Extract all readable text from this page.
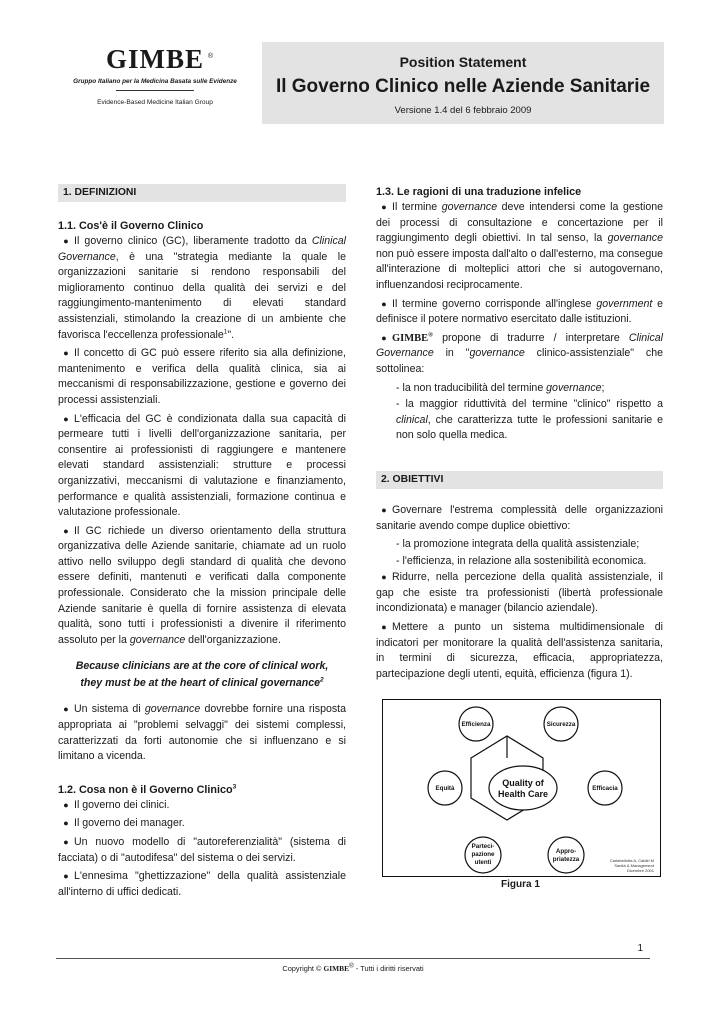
GIMBE ®
Gruppo Italiano per la Medicina Basata sulle Evidenze
Evidence-Based Medicine Italian Group
Position Statement
Il Governo Clinico nelle Aziende Sanitarie
Versione 1.4 del 6 febbraio 2009
1. DEFINIZIONI
1.1. Cos'è il Governo Clinico

● Il governo clinico (GC), liberamente tradotto da Clinical Governance, è una "strategia mediante la quale le organizzazioni sanitarie si rendono responsabili del miglioramento continuo della qualità dei servizi e del raggiungimento-mantenimento di elevati standard assistenziali, stimolando la creazione di un ambiente che favorisca l'eccellenza professionale$^1$".

● Il concetto di GC può essere riferito sia alla definizione, mantenimento e verifica della qualità clinica, sia ai meccanismi di responsabilizzazione, gestione e governo dei processi assistenziali.

● L'efficacia del GC è condizionata dalla sua capacità di permeare tutti i livelli dell'organizzazione sanitaria, per consentire ai professionisti di raggiungere e mantenere elevati standard assistenziali: strutture e processi organizzativi, meccanismi di valutazione e finanziamento, performance e qualità assistenziali, formazione continua e valutazione professionale.

● Il GC richiede un diverso orientamento della struttura organizzativa delle Aziende sanitarie, chiamate ad un ruolo attivo nello sviluppo degli standard di qualità che devono essere definiti, mantenuti e verificati dalla componente professionale. Considerato che la mission principale delle Aziende sanitarie è quella di fornire assistenza di elevata qualità, sono tutti i professionisti a divenire il riferimento assoluto per la governance dell'organizzazione.

Because clinicians are at the core of clinical work,
they must be at the heart of clinical governance$^2$

● Un sistema di governance dovrebbe fornire una risposta appropriata ai "problemi selvaggi" dei sistemi complessi, caratterizzati da forti autonomie che si influenzano e si limitano a vicenda.

1.2. Cosa non è il Governo Clinico$^3$

● Il governo dei clinici.

● Il governo dei manager.

● Un nuovo modello di "autoreferenzialità" (sistema di facciata) o di "autodifesa" del sistema o dei servizi.

● L'ennesima "ghettizzazione" della qualità assistenziale all'interno di uffici dedicati.

1.3. Le ragioni di una traduzione infelice

● Il termine governance deve intendersi come la gestione dei processi di consultazione e concertazione per il raggiungimento degli obiettivi. In tal senso, la governance non può essere imposta dall'alto o dall'esterno, ma consegue all'interazione di molteplici attori che si autogovernano, influenzandosi reciprocamente.

● Il termine governo corrisponde all'inglese government e definisce il potere normativo esercitato dalle istituzioni.

● GIMBE® propone di tradurre / interpretare Clinical Governance in "governance clinico-assistenziale" che sottolinea:

- la non traducibilità del termine governance;

- la maggior riduttività del termine "clinico" rispetto a clinical, che caratterizza tutte le professioni sanitarie e non solo quella medica.

2. OBIETTIVI

● Governare l'estrema complessità delle organizzazioni sanitarie avendo compe duplice obiettivo:

- la promozione integrata della qualità assistenziale;

- l'efficienza, in relazione alla sostenibilità economica.

● Ridurre, nella percezione della qualità assistenziale, il gap che esiste tra professionisti (libertà professionale incondizionata) e manager (bilancio aziendale).

● Mettere a punto un sistema multidimensionale di indicatori per monitorare la qualità dell'assistenza sanitaria, in termini di sicurezza, efficacia, appropriatezza, partecipazione degli utenti, equità, efficienza (figura 1).

Efficienza	Sicurezza
Equità	Efficacia
Parteci-
pazione
utenti
Appro-
priatezza
Quality of
Health Care
Cartabellotta A, Caldiri M
Sanità & Management
Dicembre 2001
Figura 1
1
Copyright © GIMBE® - Tutti i diritti riservati
